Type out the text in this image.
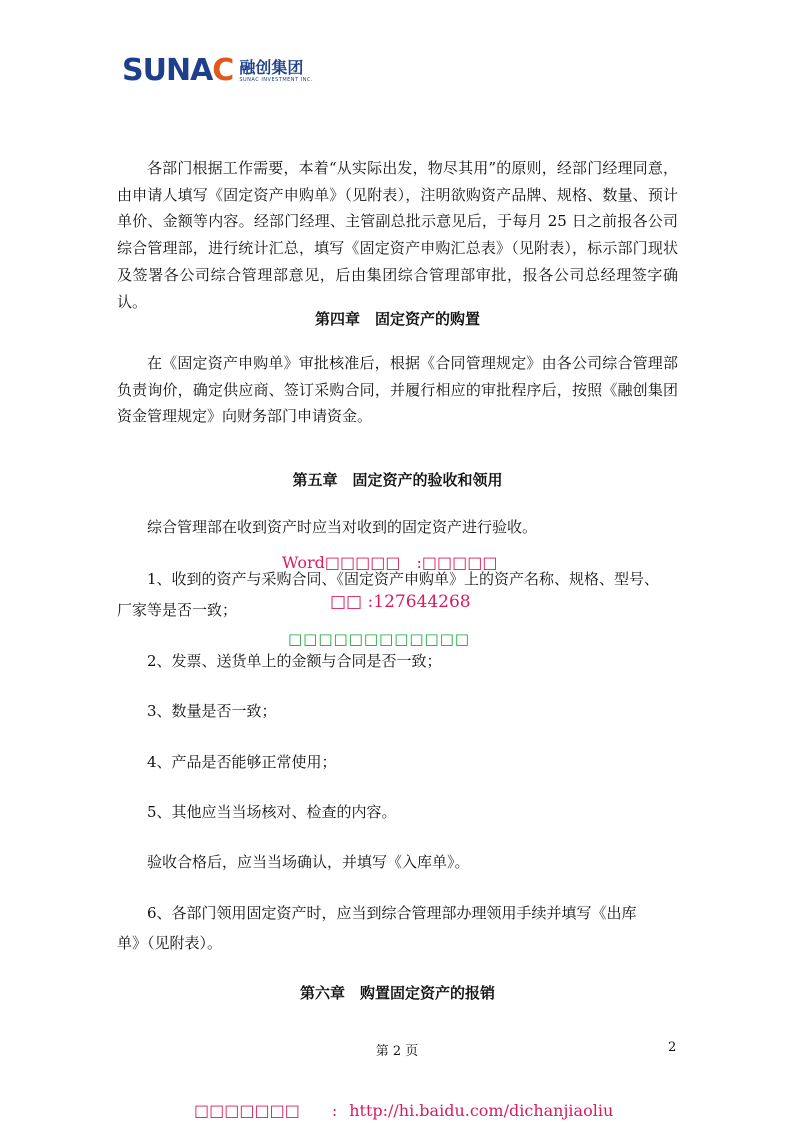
SUNAC 融创集团
SUNAC INVESTMENT INC.

各部门根据工作需要，本着“从实际出发，物尽其用”的原则，经部门经理同意，由申请人填写《固定资产申购单》（见附表），注明欲购资产品牌、规格、数量、预计单价、金额等内容。经部门经理、主管副总批示意见后，于每月 25 日之前报各公司综合管理部，进行统计汇总，填写《固定资产申购汇总表》（见附表），标示部门现状及签署各公司综合管理部意见，后由集团综合管理部审批，报各公司总经理签字确认。

第四章　固定资产的购置

在《固定资产申购单》审批核准后，根据《合同管理规定》由各公司综合管理部负责询价，确定供应商、签订采购合同，并履行相应的审批程序后，按照《融创集团资金管理规定》向财务部门申请资金。

第五章　固定资产的验收和领用
综合管理部在收到资产时应当对收到的固定资产进行验收。
1、收到的资产与采购合同、《固定资产申购单》上的资产名称、规格、型号、
厂家等是否一致；
2、发票、送货单上的金额与合同是否一致；
3、数量是否一致；
4、产品是否能够正常使用；
5、其他应当当场核对、检查的内容。
验收合格后，应当当场确认，并填写《入库单》。
6、各部门领用固定资产时，应当到综合管理部办理领用手续并填写《出库
单》（见附表）。
第六章　购置固定资产的报销
Word□□□□□　:□□□□□
□□ :127644268
□□□□□□□□□□□□
第 2 页	2
□□□□□□□ : http://hi.baidu.com/dichanjiaoliu
